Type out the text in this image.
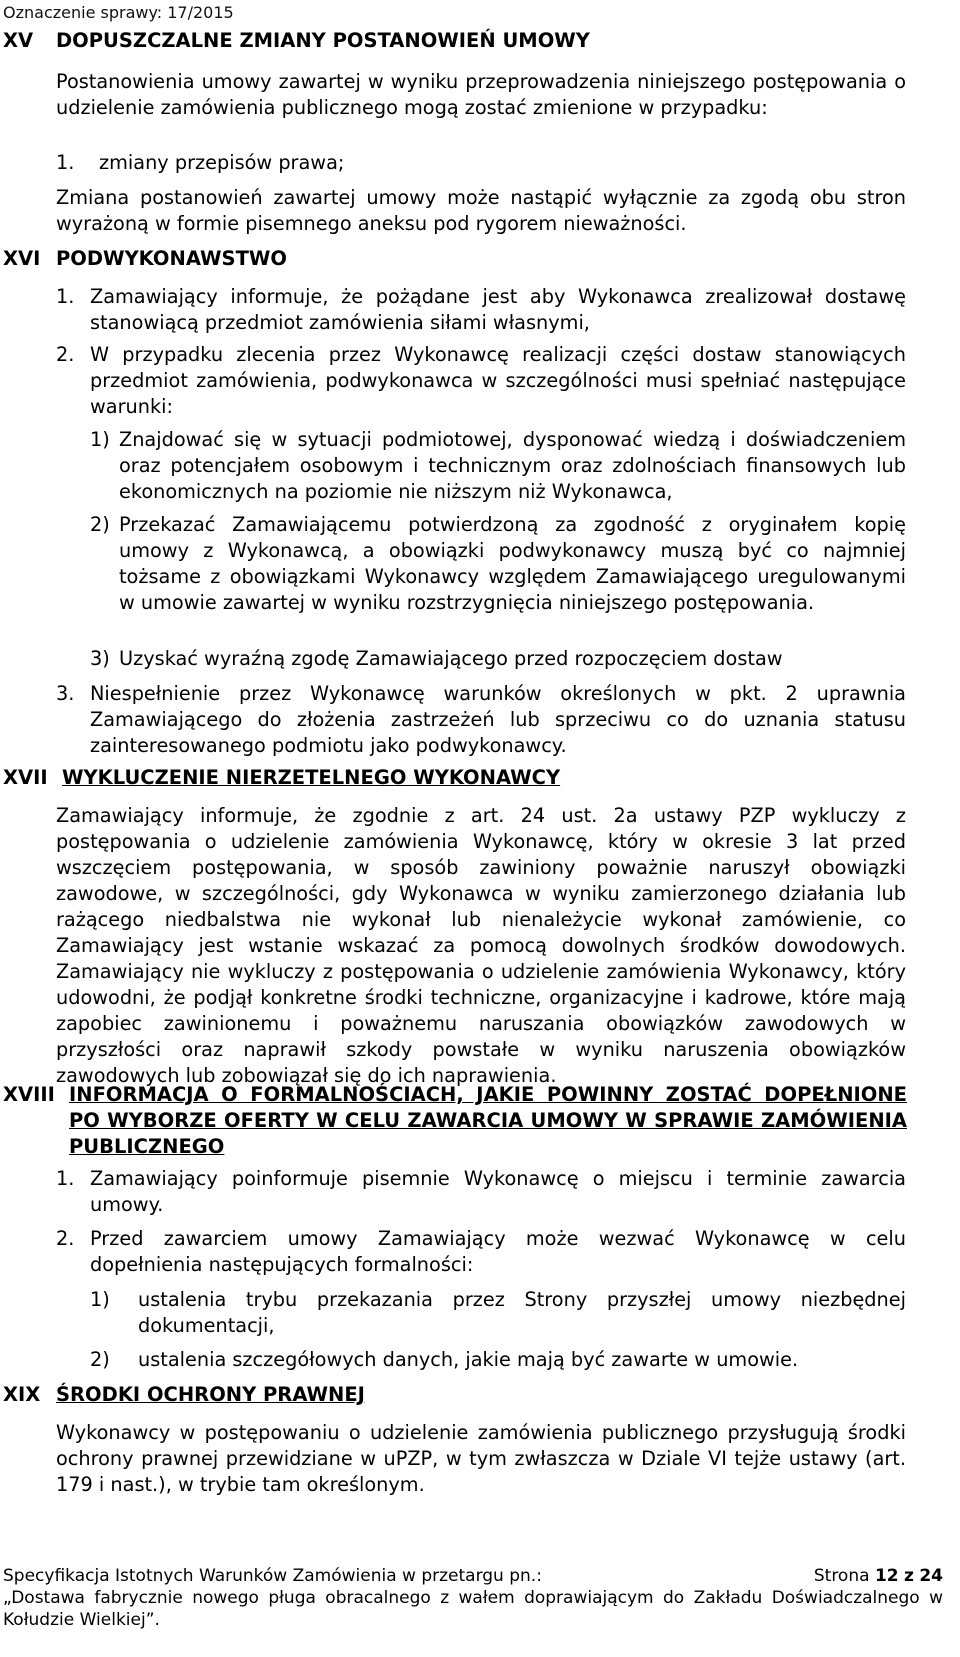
Oznaczenie sprawy: 17/2015
XV DOPUSZCZALNE ZMIANY POSTANOWIEŃ UMOWY
Postanowienia umowy zawartej w wyniku przeprowadzenia niniejszego postępowania o udzielenie zamówienia publicznego mogą zostać zmienione w przypadku:
1. zmiany przepisów prawa;
Zmiana postanowień zawartej umowy może nastąpić wyłącznie za zgodą obu stron wyrażoną w formie pisemnego aneksu pod rygorem nieważności.
XVI PODWYKONAWSTWO
1. Zamawiający informuje, że pożądane jest aby Wykonawca zrealizował dostawę stanowiącą przedmiot zamówienia siłami własnymi,
2. W przypadku zlecenia przez Wykonawcę realizacji części dostaw stanowiących przedmiot zamówienia, podwykonawca w szczególności musi spełniać następujące warunki:
1) Znajdować się w sytuacji podmiotowej, dysponować wiedzą i doświadczeniem oraz potencjałem osobowym i technicznym oraz zdolnościach finansowych lub ekonomicznych na poziomie nie niższym niż Wykonawca,
2) Przekazać Zamawiającemu potwierdzoną za zgodność z oryginałem kopię umowy z Wykonawcą, a obowiązki podwykonawcy muszą być co najmniej tożsame z obowiązkami Wykonawcy względem Zamawiającego uregulowanymi w umowie zawartej w wyniku rozstrzygnięcia niniejszego postępowania.
3) Uzyskać wyraźną zgodę Zamawiającego przed rozpoczęciem dostaw
3. Niespełnienie przez Wykonawcę warunków określonych w pkt. 2 uprawnia Zamawiającego do złożenia zastrzeżeń lub sprzeciwu co do uznania statusu zainteresowanego podmiotu jako podwykonawcy.
XVII WYKLUCZENIE NIERZETELNEGO WYKONAWCY
Zamawiający informuje, że zgodnie z art. 24 ust. 2a ustawy PZP wykluczy z postępowania o udzielenie zamówienia Wykonawcę, który w okresie 3 lat przed wszczęciem postępowania, w sposób zawiniony poważnie naruszył obowiązki zawodowe, w szczególności, gdy Wykonawca w wyniku zamierzonego działania lub rażącego niedbalstwa nie wykonał lub nienależycie wykonał zamówienie, co Zamawiający jest wstanie wskazać za pomocą dowolnych środków dowodowych. Zamawiający nie wykluczy z postępowania o udzielenie zamówienia Wykonawcy, który udowodni, że podjął konkretne środki techniczne, organizacyjne i kadrowe, które mają zapobiec zawinionemu i poważnemu naruszania obowiązków zawodowych w przyszłości oraz naprawił szkody powstałe w wyniku naruszenia obowiązków zawodowych lub zobowiązał się do ich naprawienia.
XVIII INFORMACJA O FORMALNOŚCIACH, JAKIE POWINNY ZOSTAĆ DOPEŁNIONE PO WYBORZE OFERTY W CELU ZAWARCIA UMOWY W SPRAWIE ZAMÓWIENIA PUBLICZNEGO
1. Zamawiający poinformuje pisemnie Wykonawcę o miejscu i terminie zawarcia umowy.
2. Przed zawarciem umowy Zamawiający może wezwać Wykonawcę w celu dopełnienia następujących formalności:
1) ustalenia trybu przekazania przez Strony przyszłej umowy niezbędnej dokumentacji,
2) ustalenia szczegółowych danych, jakie mają być zawarte w umowie.
XIX ŚRODKI OCHRONY PRAWNEJ
Wykonawcy w postępowaniu o udzielenie zamówienia publicznego przysługują środki ochrony prawnej przewidziane w uPZP, w tym zwłaszcza w Dziale VI tejże ustawy (art. 179 i nast.), w trybie tam określonym.
Specyfikacja Istotnych Warunków Zamówienia w przetargu pn.:	Strona 12 z 24
„Dostawa fabrycznie nowego pługa obracalnego z wałem doprawiającym do Zakładu Doświadczalnego w Kołudzie Wielkiej”.
